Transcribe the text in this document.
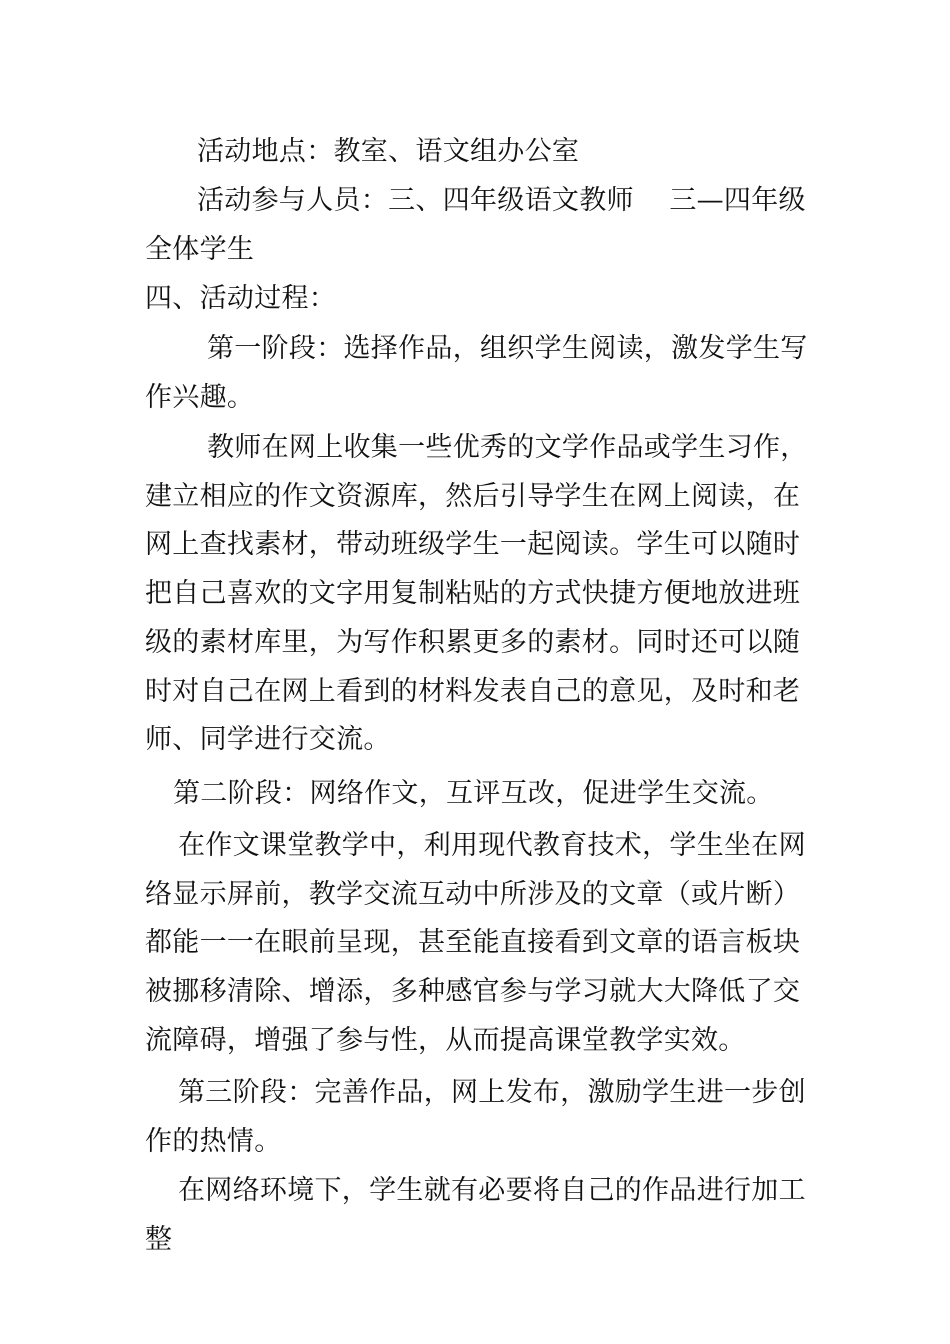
活动地点：教室、语文组办公室

活动参与人员：三、四年级语文教师    三—四年级全体学生

四、活动过程：

第一阶段：选择作品，组织学生阅读，激发学生写作兴趣。

教师在网上收集一些优秀的文学作品或学生习作，建立相应的作文资源库，然后引导学生在网上阅读，在网上查找素材，带动班级学生一起阅读。学生可以随时把自己喜欢的文字用复制粘贴的方式快捷方便地放进班级的素材库里，为写作积累更多的素材。同时还可以随时对自己在网上看到的材料发表自己的意见，及时和老师、同学进行交流。

第二阶段：网络作文，互评互改，促进学生交流。

在作文课堂教学中，利用现代教育技术，学生坐在网络显示屏前，教学交流互动中所涉及的文章（或片断）都能一一在眼前呈现，甚至能直接看到文章的语言板块被挪移清除、增添，多种感官参与学习就大大降低了交流障碍，增强了参与性，从而提高课堂教学实效。

第三阶段：完善作品，网上发布，激励学生进一步创作的热情。

在网络环境下，学生就有必要将自己的作品进行加工整
